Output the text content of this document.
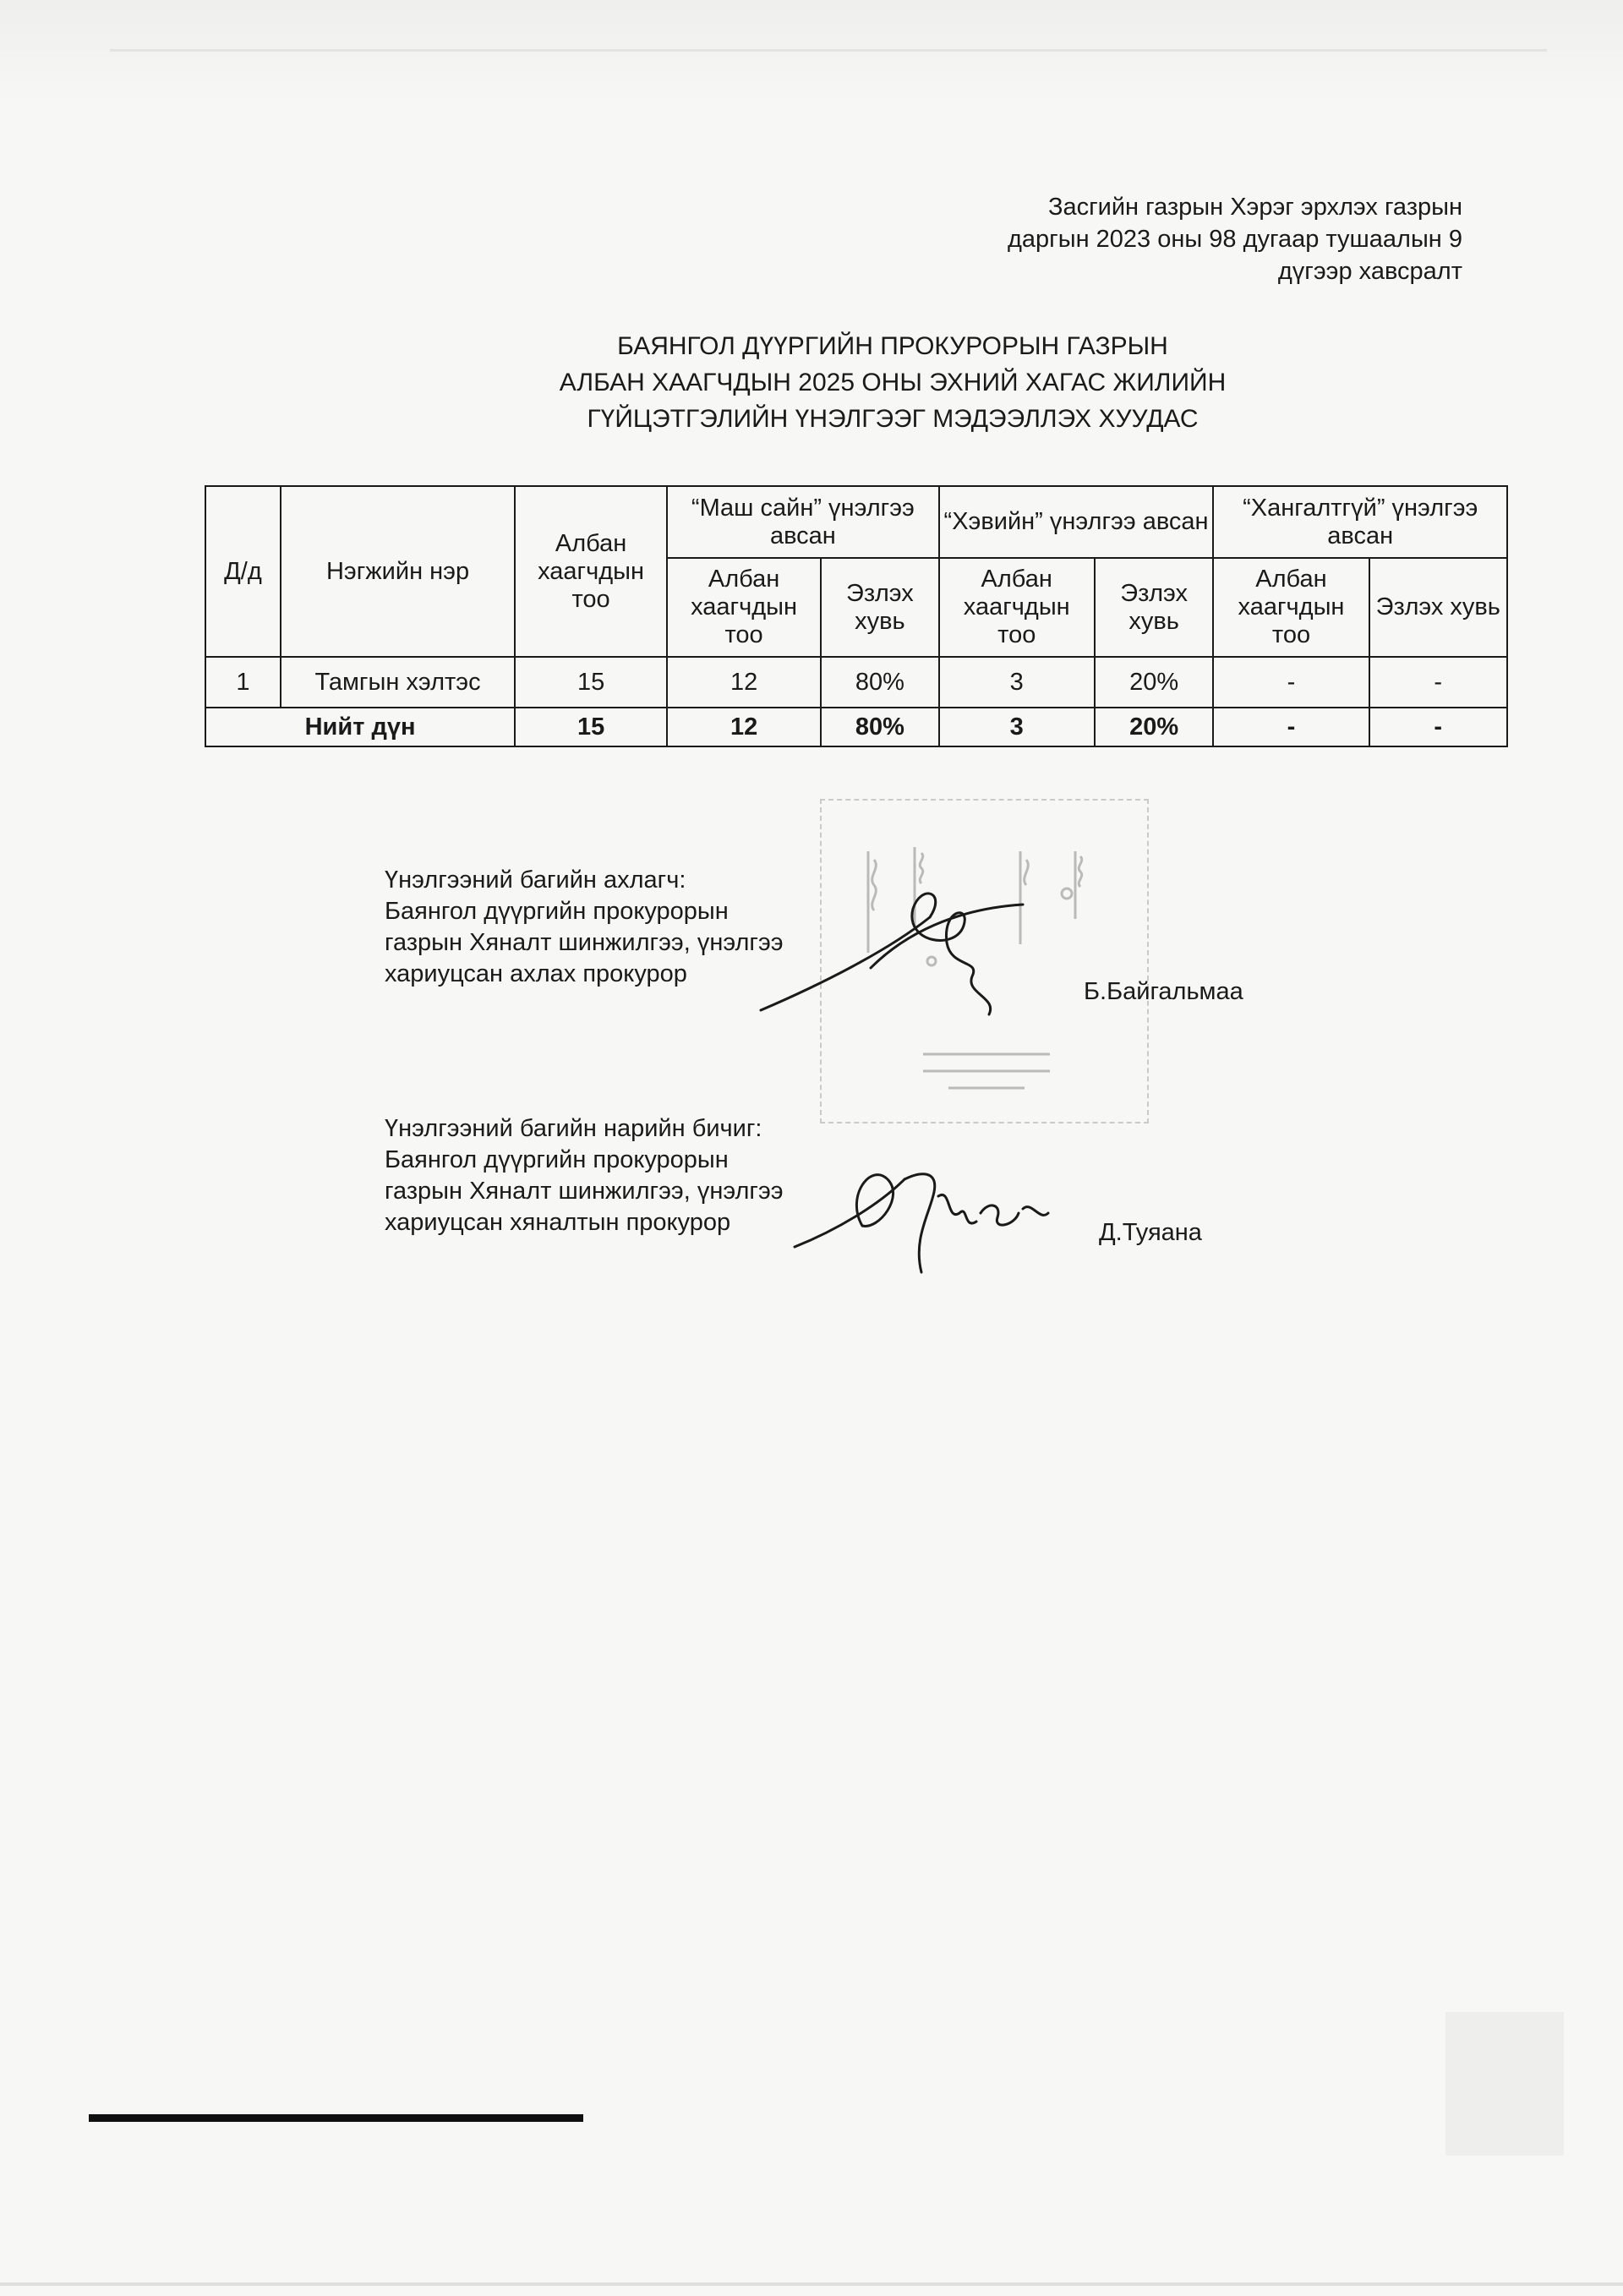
Засгийн газрын Хэрэг эрхлэх газрын
даргын 2023 оны 98 дугаар тушаалын 9
дүгээр хавсралт
БАЯНГОЛ ДҮҮРГИЙН ПРОКУРОРЫН ГАЗРЫН
АЛБАН ХААГЧДЫН 2025 ОНЫ ЭХНИЙ ХАГАС ЖИЛИЙН
ГҮЙЦЭТГЭЛИЙН ҮНЭЛГЭЭГ МЭДЭЭЛЛЭХ ХУУДАС
Д/д	Нэгжийн нэр	Албан хаагчдын тоо	“Маш сайн” үнэлгээ авсан		“Хэвийн” үнэлгээ авсан		“Хангалтгүй” үнэлгээ авсан	
			Албан хаагчдын тоо	Эзлэх хувь	Албан хаагчдын тоо	Эзлэх хувь	Албан хаагчдын тоо	Эзлэх хувь
1	Тамгын хэлтэс	15	12	80%	3	20%	-	-
Нийт дүн		15	12	80%	3	20%	-	-
Үнэлгээний багийн ахлагч:
Баянгол дүүргийн прокурорын
газрын Хяналт шинжилгээ, үнэлгээ
хариуцсан ахлах прокурор
Б.Байгальмаа
Үнэлгээний багийн нарийн бичиг:
Баянгол дүүргийн прокурорын
газрын Хяналт шинжилгээ, үнэлгээ
хариуцсан хяналтын прокурор	Д.Туяана
